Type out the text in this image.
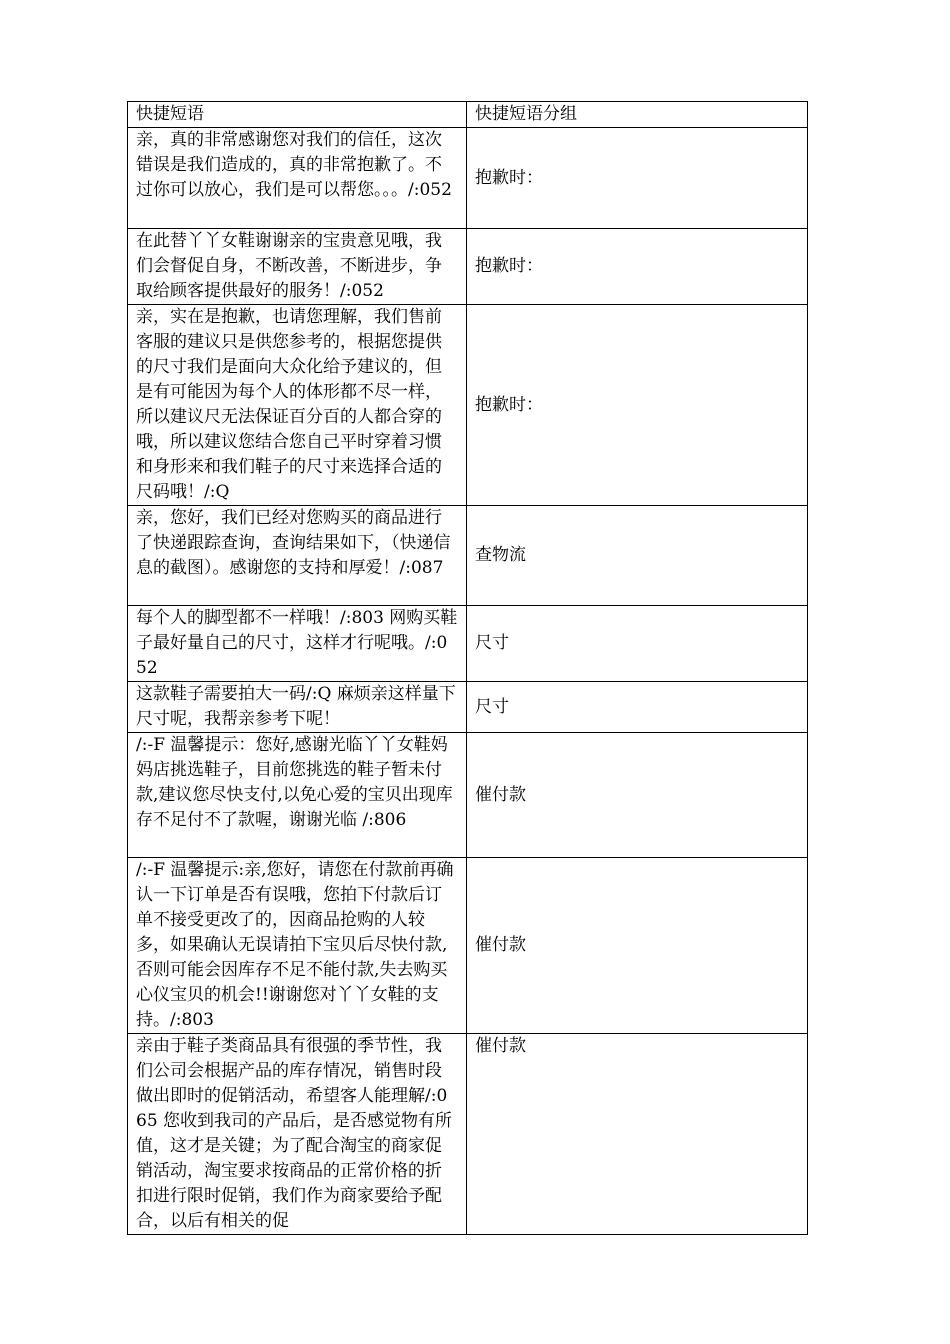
快捷短语	快捷短语分组
亲，真的非常感谢您对我们的信任，这次错误是我们造成的，真的非常抱歉了。不过你可以放心，我们是可以帮您。。。/:052	抱歉时：
在此替丫丫女鞋谢谢亲的宝贵意见哦，我们会督促自身，不断改善，不断进步，争取给顾客提供最好的服务！/:052	抱歉时：
亲，实在是抱歉，也请您理解，我们售前客服的建议只是供您参考的，根据您提供的尺寸我们是面向大众化给予建议的，但是有可能因为每个人的体形都不尽一样，所以建议尺无法保证百分百的人都合穿的哦，所以建议您结合您自己平时穿着习惯和身形来和我们鞋子的尺寸来选择合适的尺码哦！/:Q	抱歉时：
亲，您好，我们已经对您购买的商品进行了快递跟踪查询，查询结果如下，（快递信息的截图）。感谢您的支持和厚爱！/:087	查物流
每个人的脚型都不一样哦！/:803 网购买鞋子最好量自己的尺寸，这样才行呢哦。/:052	尺寸
这款鞋子需要拍大一码/:Q 麻烦亲这样量下尺寸呢，我帮亲参考下呢！	尺寸
/:-F 温馨提示：您好,感谢光临丫丫女鞋妈妈店挑选鞋子，目前您挑选的鞋子暂未付款,建议您尽快支付,以免心爱的宝贝出现库存不足付不了款喔，谢谢光临 /:806	催付款
/:-F 温馨提示:亲,您好，请您在付款前再确认一下订单是否有误哦，您拍下付款后订单不接受更改了的，因商品抢购的人较多，如果确认无误请拍下宝贝后尽快付款,否则可能会因库存不足不能付款,失去购买心仪宝贝的机会!!谢谢您对丫丫女鞋的支持。/:803	催付款
亲由于鞋子类商品具有很强的季节性，我们公司会根据产品的库存情况，销售时段做出即时的促销活动，希望客人能理解/:065 您收到我司的产品后，是否感觉物有所值，这才是关键；为了配合淘宝的商家促销活动，淘宝要求按商品的正常价格的折扣进行限时促销，我们作为商家要给予配合，以后有相关的促	催付款
